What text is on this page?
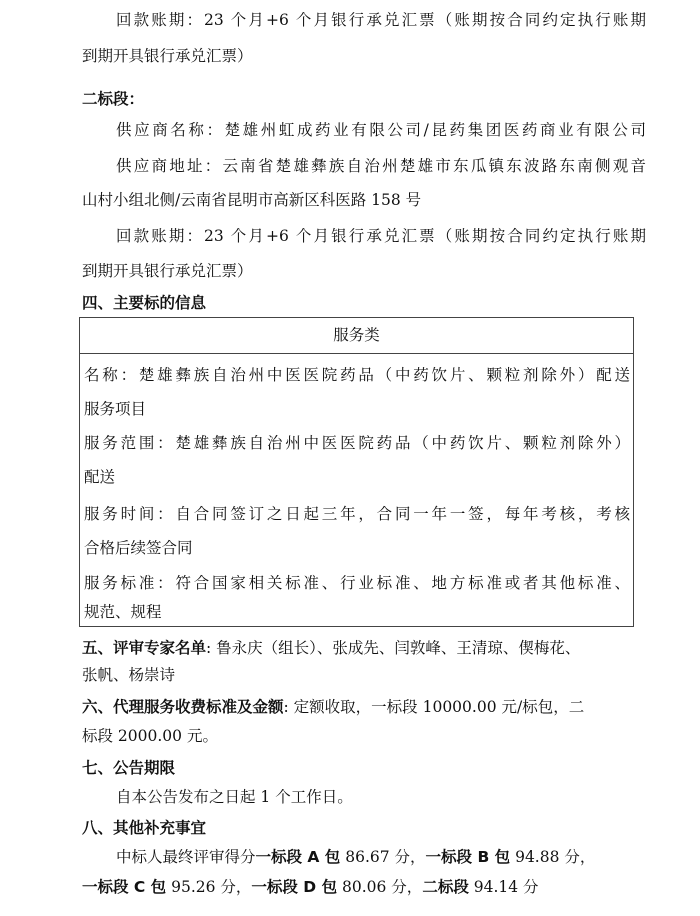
回款账期：23 个月+6 个月银行承兑汇票（账期按合同约定执行账期
到期开具银行承兑汇票）
二标段：
供应商名称：楚雄州虹成药业有限公司/昆药集团医药商业有限公司
供应商地址：云南省楚雄彝族自治州楚雄市东瓜镇东波路东南侧观音
山村小组北侧/云南省昆明市高新区科医路 158 号
回款账期：23 个月+6 个月银行承兑汇票（账期按合同约定执行账期
到期开具银行承兑汇票）
四、主要标的信息
服务类
名称：楚雄彝族自治州中医医院药品（中药饮片、颗粒剂除外）配送
服务项目
服务范围：楚雄彝族自治州中医医院药品（中药饮片、颗粒剂除外）
配送
服务时间：自合同签订之日起三年，合同一年一签，每年考核，考核
合格后续签合同
服务标准：符合国家相关标准、行业标准、地方标准或者其他标准、
规范、规程
五、评审专家名单 : 鲁永庆（组长）、张成先、闫敦峰、王清琼、偰梅花、
张帆、杨崇诗
六、代理服务收费标准及金额 : 定额收取，一标段 10000.00 元/标包，二
标段 2000.00 元。
七、公告期限
自本公告发布之日起 1 个工作日。
八、其他补充事宜
中标人最终评审得分一标段 A 包 86.67 分，一标段 B 包 94.88 分，
一标段 C 包 95.26 分，一标段 D 包 80.06 分，二标段 94.14 分
